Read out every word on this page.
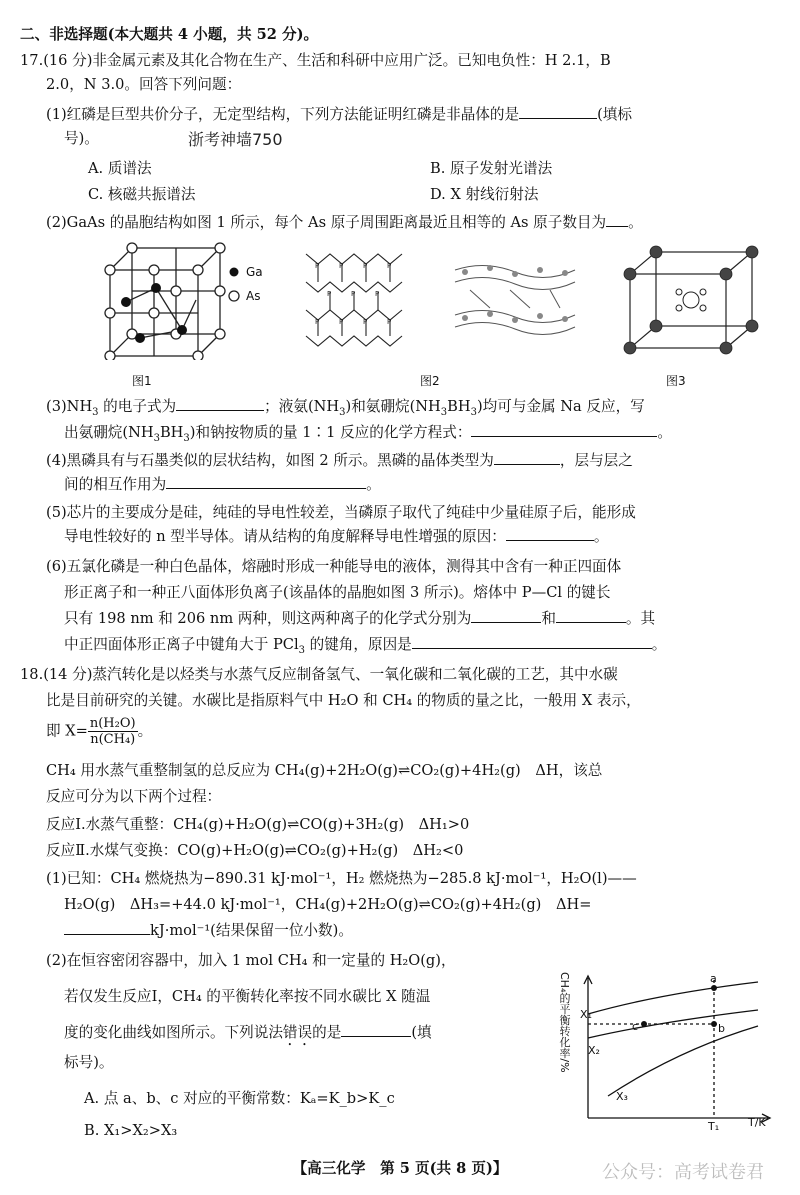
二、非选择题(本大题共 4 小题，共 52 分)。
17.(16 分)非金属元素及其化合物在生产、生活和科研中应用广泛。已知电负性：H 2.1，B
2.0，N 3.0。回答下列问题：
(1)红磷是巨型共价分子，无定型结构，下列方法能证明红磷是非晶体的是	(填标
号)。	浙考神墙750
A. 质谱法	B. 原子发射光谱法
C. 核磁共振谱法	D. X 射线衍射法
(2)GaAs 的晶胞结构如图 1 所示，每个 As 原子周围距离最近且相等的 As 原子数目为 。
Ga
As
P	P	P	P
P	P	P
P	P	P	P
图1	图2	图3
$(3)NH_3$ 的电子式为	；液氨$(NH_3)$和氨硼烷$(NH_3BH_3)$均可与金属 Na 反应，写
出氨硼烷$(NH_3BH_3)$和钠按物质的量 1∶1 反应的化学方程式：	。
(4)黑磷具有与石墨类似的层状结构，如图 2 所示。黑磷的晶体类型为	，层与层之
间的相互作用为	。
(5)芯片的主要成分是硅，纯硅的导电性较差，当磷原子取代了纯硅中少量硅原子后，能形成
导电性较好的 n 型半导体。请从结构的角度解释导电性增强的原因：	。
(6)五氯化磷是一种白色晶体，熔融时形成一种能导电的液体，测得其中含有一种正四面体
形正离子和一种正八面体形负离子(该晶体的晶胞如图 3 所示)。熔体中 P—Cl 的键长
只有 198 nm 和 206 nm 两种，则这两种离子的化学式分别为	和	。其
中正四面体形正离子中键角大于 PCl$_3$ 的键角，原因是	。
18.(14 分)蒸汽转化是以烃类与水蒸气反应制备氢气、一氧化碳和二氧化碳的工艺，其中水碳
比是目前研究的关键。水碳比是指原料气中 H₂O 和 CH₄ 的物质的量之比，一般用 X 表示，
即 $X= \frac{\text{n(H₂O)}}{\text{n(CH₄)}}$ 。
CH₄ 用水蒸气重整制氢的总反应为 CH₄(g)+2H₂O(g)⇌CO₂(g)+4H₂(g)　ΔH，该总
反应可分为以下两个过程：
反应Ⅰ.水蒸气重整：CH₄(g)+H₂O(g)⇌CO(g)+3H₂(g)　ΔH₁>0
反应Ⅱ.水煤气变换：CO(g)+H₂O(g)⇌CO₂(g)+H₂(g)　ΔH₂<0
(1)已知：CH₄ 燃烧热为−890.31 kJ·mol⁻¹，H₂ 燃烧热为−285.8 kJ·mol⁻¹，H₂O(l)——
H₂O(g)　ΔH₃=+44.0 kJ·mol⁻¹，CH₄(g)+2H₂O(g)⇌CO₂(g)+4H₂(g)　ΔH=
kJ·mol⁻¹(结果保留一位小数)。
(2)在恒容密闭容器中，加入 1 mol CH₄ 和一定量的 H₂O(g)，
若仅发生反应Ⅰ，CH₄ 的平衡转化率按不同水碳比 X 随温
度的变化曲线如图所示。下列说法错误的是	(填
标号)。
A. 点 a、b、c 对应的平衡常数：Kₐ=K_b>K_c
B. X₁>X₂>X₃
CH₄的平衡转化率/%
T/K
T₁
X₁
X₂
X₃
a
b
c
【高三化学　第 5 页(共 8 页)】	公众号：高考试卷君
